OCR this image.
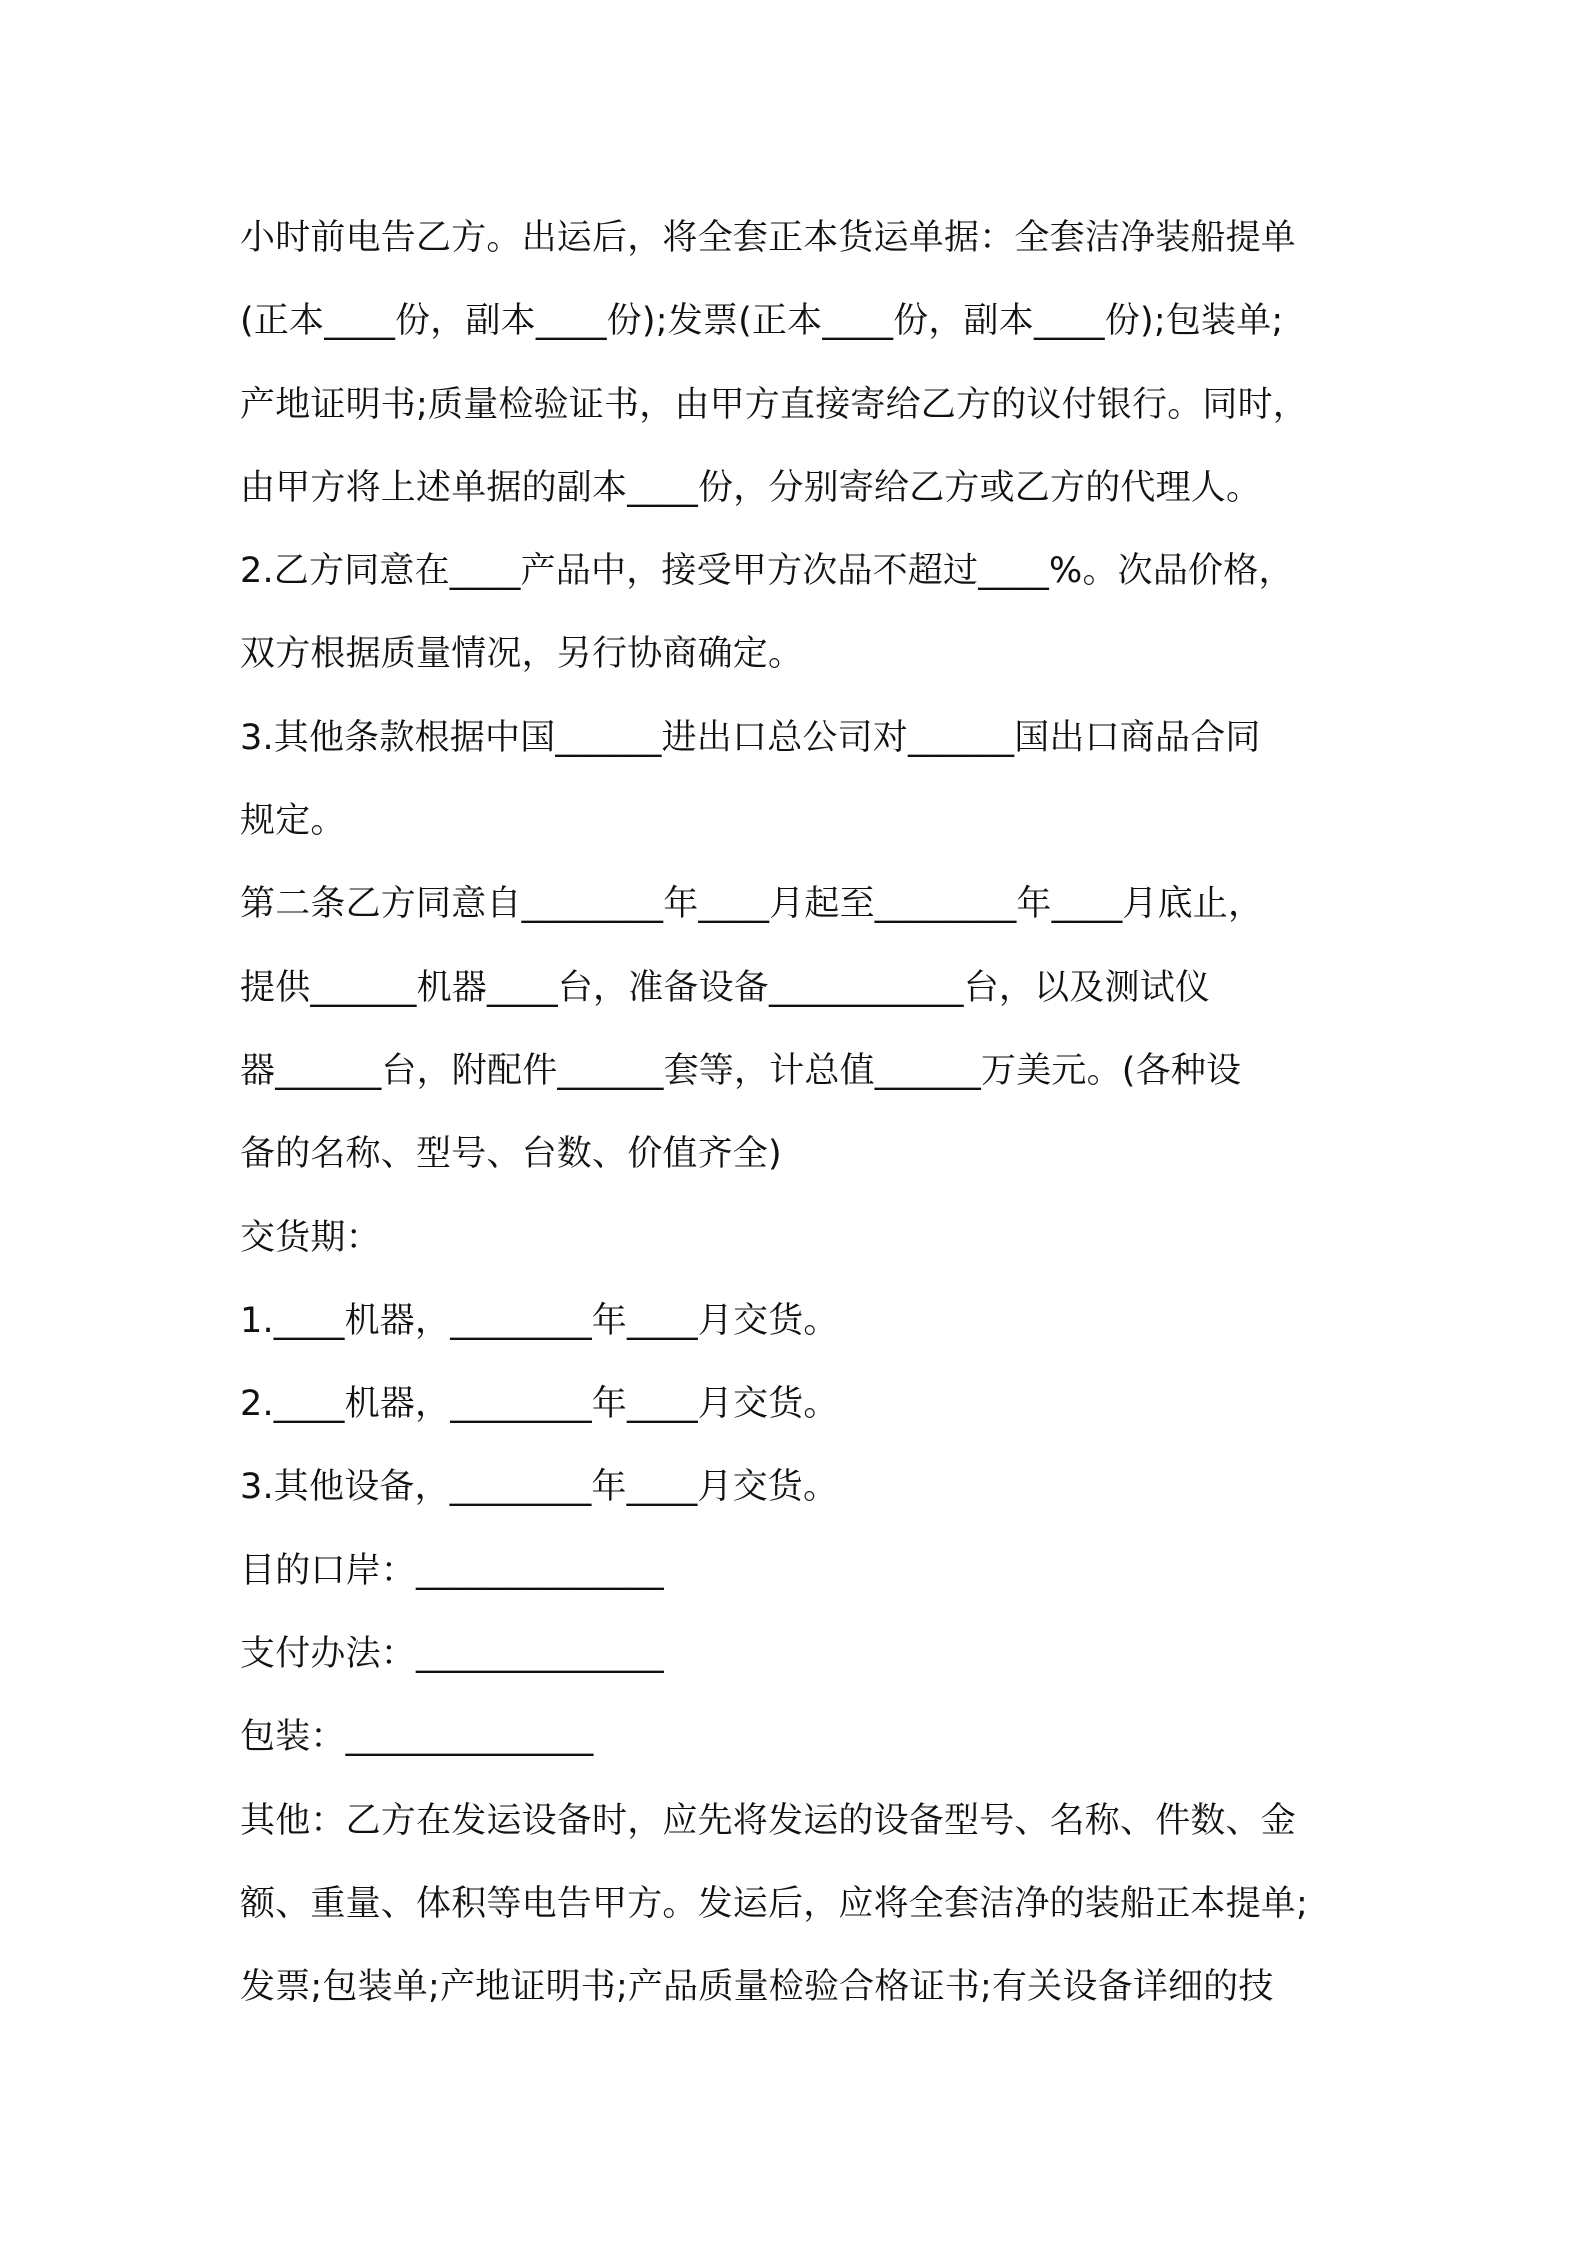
小时前电告乙方。出运后，将全套正本货运单据：全套洁净装船提单
(正本____份，副本____份);发票(正本____份，副本____份);包装单;
产地证明书;质量检验证书，由甲方直接寄给乙方的议付银行。同时，
由甲方将上述单据的副本____份，分别寄给乙方或乙方的代理人。
2.乙方同意在____产品中，接受甲方次品不超过____%。次品价格，
双方根据质量情况，另行协商确定。
3.其他条款根据中国______进出口总公司对______国出口商品合同
规定。
第二条乙方同意自________年____月起至________年____月底止，
提供______机器____台，准备设备___________台，以及测试仪
器______台，附配件______套等，计总值______万美元。(各种设
备的名称、型号、台数、价值齐全)
交货期：
1.____机器，________年____月交货。
2.____机器，________年____月交货。
3.其他设备，________年____月交货。
目的口岸：______________
支付办法：______________
包装：______________
其他：乙方在发运设备时，应先将发运的设备型号、名称、件数、金
额、重量、体积等电告甲方。发运后，应将全套洁净的装船正本提单;
发票;包装单;产地证明书;产品质量检验合格证书;有关设备详细的技
